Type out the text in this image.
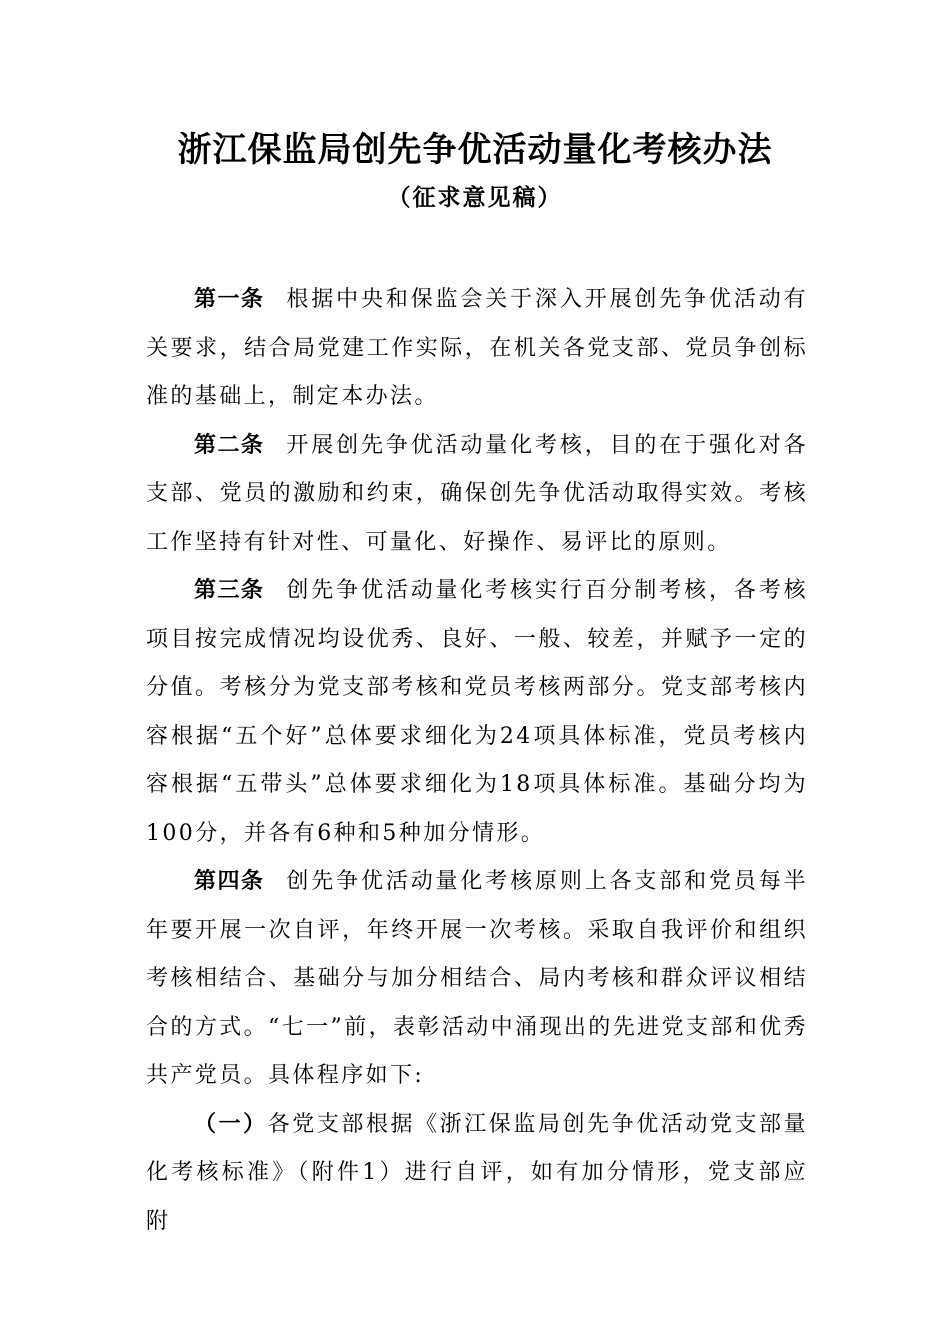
浙江保监局创先争优活动量化考核办法
（征求意见稿）

第一条 根据中央和保监会关于深入开展创先争优活动有关要求，结合局党建工作实际，在机关各党支部、党员争创标准的基础上，制定本办法。

第二条 开展创先争优活动量化考核，目的在于强化对各支部、党员的激励和约束，确保创先争优活动取得实效。考核工作坚持有针对性、可量化、好操作、易评比的原则。

第三条 创先争优活动量化考核实行百分制考核，各考核项目按完成情况均设优秀、良好、一般、较差，并赋予一定的分值。考核分为党支部考核和党员考核两部分。党支部考核内容根据“五个好”总体要求细化为24项具体标准，党员考核内容根据“五带头”总体要求细化为18项具体标准。基础分均为100分，并各有6种和5种加分情形。

第四条 创先争优活动量化考核原则上各支部和党员每半年要开展一次自评，年终开展一次考核。采取自我评价和组织考核相结合、基础分与加分相结合、局内考核和群众评议相结合的方式。“七一”前，表彰活动中涌现出的先进党支部和优秀共产党员。具体程序如下:

（一）各党支部根据《浙江保监局创先争优活动党支部量化考核标准》（附件1）进行自评，如有加分情形，党支部应附
